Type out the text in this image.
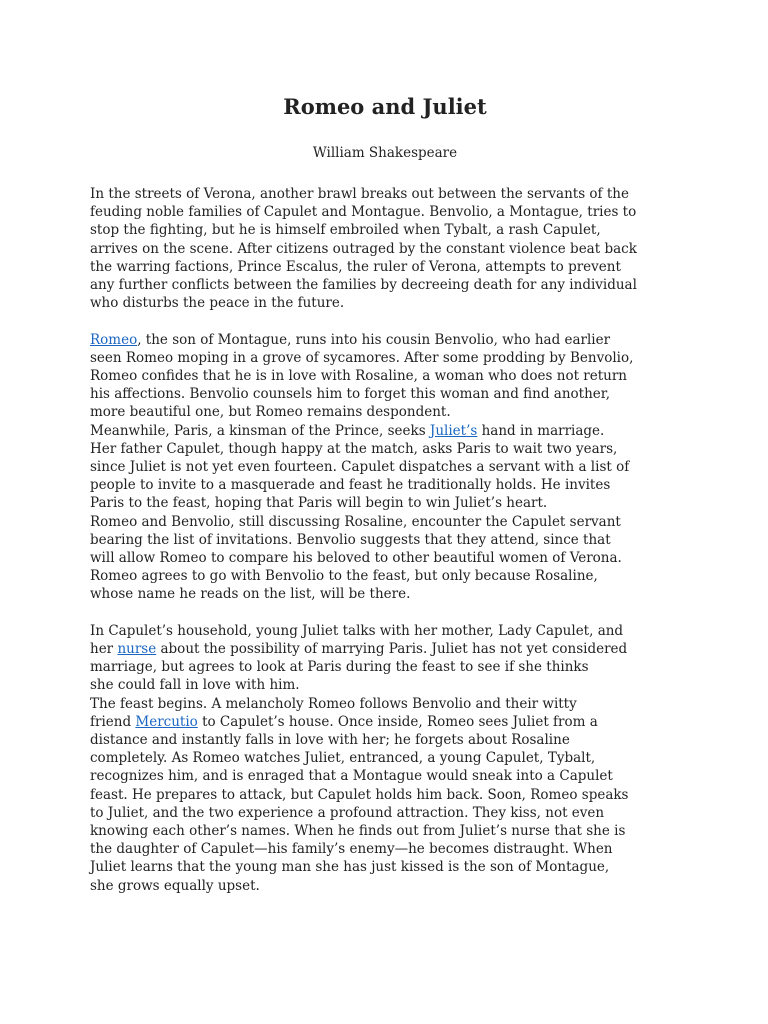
Romeo and Juliet
William Shakespeare

In the streets of Verona, another brawl breaks out between the servants of the

feuding noble families of Capulet and Montague. Benvolio, a Montague, tries to

stop the fighting, but he is himself embroiled when Tybalt, a rash Capulet,

arrives on the scene. After citizens outraged by the constant violence beat back

the warring factions, Prince Escalus, the ruler of Verona, attempts to prevent

any further conflicts between the families by decreeing death for any individual

who disturbs the peace in the future.

Romeo, the son of Montague, runs into his cousin Benvolio, who had earlier

seen Romeo moping in a grove of sycamores. After some prodding by Benvolio,

Romeo confides that he is in love with Rosaline, a woman who does not return

his affections. Benvolio counsels him to forget this woman and find another,

more beautiful one, but Romeo remains despondent.

Meanwhile, Paris, a kinsman of the Prince, seeks Juliet’s hand in marriage.

Her father Capulet, though happy at the match, asks Paris to wait two years,

since Juliet is not yet even fourteen. Capulet dispatches a servant with a list of

people to invite to a masquerade and feast he traditionally holds. He invites

Paris to the feast, hoping that Paris will begin to win Juliet’s heart.

Romeo and Benvolio, still discussing Rosaline, encounter the Capulet servant

bearing the list of invitations. Benvolio suggests that they attend, since that

will allow Romeo to compare his beloved to other beautiful women of Verona.

Romeo agrees to go with Benvolio to the feast, but only because Rosaline,

whose name he reads on the list, will be there.

In Capulet’s household, young Juliet talks with her mother, Lady Capulet, and

her nurse about the possibility of marrying Paris. Juliet has not yet considered

marriage, but agrees to look at Paris during the feast to see if she thinks

she could fall in love with him.

The feast begins. A melancholy Romeo follows Benvolio and their witty

friend Mercutio to Capulet’s house. Once inside, Romeo sees Juliet from a

distance and instantly falls in love with her; he forgets about Rosaline

completely. As Romeo watches Juliet, entranced, a young Capulet, Tybalt,

recognizes him, and is enraged that a Montague would sneak into a Capulet

feast. He prepares to attack, but Capulet holds him back. Soon, Romeo speaks

to Juliet, and the two experience a profound attraction. They kiss, not even

knowing each other’s names. When he finds out from Juliet’s nurse that she is

the daughter of Capulet—his family’s enemy—he becomes distraught. When

Juliet learns that the young man she has just kissed is the son of Montague,

she grows equally upset.
